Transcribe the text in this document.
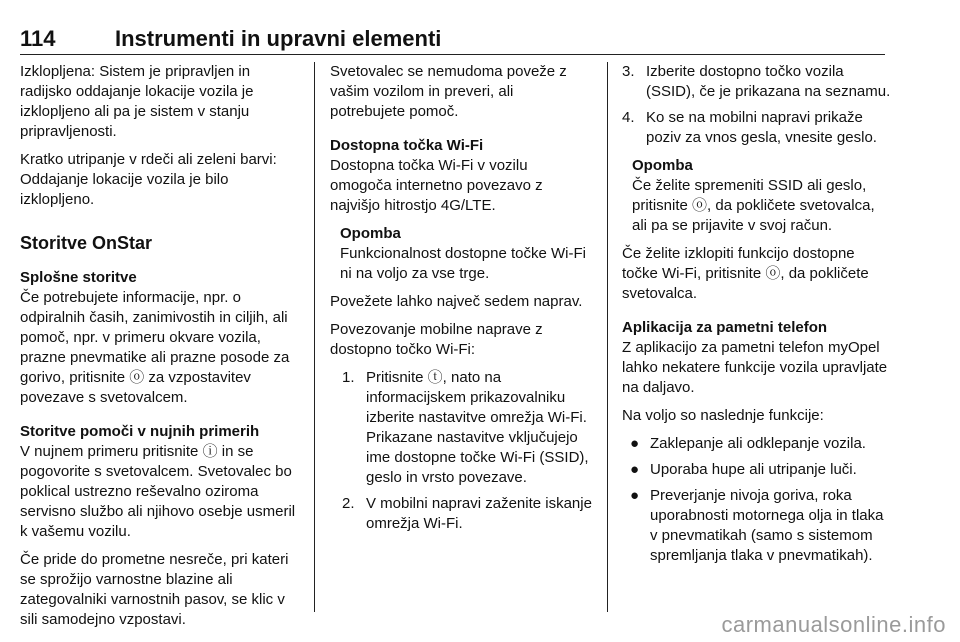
114	Instrumenti in upravni elementi

Izklopljena: Sistem je pripravljen in radijsko oddajanje lokacije vozila je izklopljeno ali pa je sistem v stanju pripravljenosti.

Kratko utripanje v rdeči ali zeleni barvi: Oddajanje lokacije vozila je bilo izklopljeno.

Storitve OnStar
Splošne storitve

Če potrebujete informacije, npr. o odpiralnih časih, zanimivostih in ciljih, ali pomoč, npr. v primeru okvare vozila, prazne pnevmatike ali prazne posode za gorivo, pritisnite ⓞ za vzpostavitev povezave s svetovalcem.

Storitve pomoči v nujnih primerih

V nujnem primeru pritisnite ⓘ in se pogovorite s svetovalcem. Svetovalec bo poklical ustrezno reševalno oziroma servisno službo ali njihovo osebje usmeril k vašemu vozilu.

Če pride do prometne nesreče, pri kateri se sprožijo varnostne blazine ali zategovalniki varnostnih pasov, se klic v sili samodejno vzpostavi.

Svetovalec se nemudoma poveže z vašim vozilom in preveri, ali potrebujete pomoč.

Dostopna točka Wi-Fi

Dostopna točka Wi-Fi v vozilu omogoča internetno povezavo z najvišjo hitrostjo 4G/LTE.

Opomba
Funkcionalnost dostopne točke Wi-Fi ni na voljo za vse trge.

Povežete lahko največ sedem naprav.

Povezovanje mobilne naprave z dostopno točko Wi-Fi:

1. Pritisnite ⓣ, nato na informacijskem prikazovalniku izberite nastavitve omrežja Wi-Fi. Prikazane nastavitve vključujejo ime dostopne točke Wi-Fi (SSID), geslo in vrsto povezave.
2. V mobilni napravi zaženite iskanje omrežja Wi-Fi.
3. Izberite dostopno točko vozila (SSID), če je prikazana na seznamu.
4. Ko se na mobilni napravi prikaže poziv za vnos gesla, vnesite geslo.
Opomba
Če želite spremeniti SSID ali geslo, pritisnite ⓞ, da pokličete svetovalca, ali pa se prijavite v svoj račun.

Če želite izklopiti funkcijo dostopne točke Wi-Fi, pritisnite ⓞ, da pokličete svetovalca.

Aplikacija za pametni telefon

Z aplikacijo za pametni telefon myOpel lahko nekatere funkcije vozila upravljate na daljavo.

Na voljo so naslednje funkcije:

● Zaklepanje ali odklepanje vozila.
● Uporaba hupe ali utripanje luči.
● Preverjanje nivoja goriva, roka uporabnosti motornega olja in tlaka v pnevmatikah (samo s sistemom spremljanja tlaka v pnevmatikah).
carmanualsonline.info
